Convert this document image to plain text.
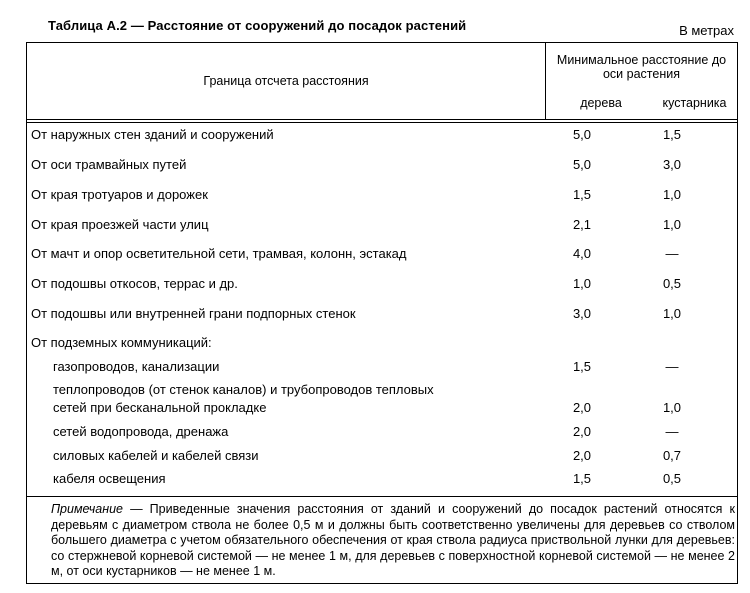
Таблица А.2 — Расстояние от сооружений до посадок растений	В метрах
Граница отсчета расстояния
Минимальное расстояние до оси растения
дерева	кустарника
От наружных стен зданий и сооружений	5,0	1,5
От оси трамвайных путей	5,0	3,0
От края тротуаров и дорожек	1,5	1,0
От края проезжей части улиц	2,1	1,0
От мачт и опор осветительной сети, трамвая, колонн, эстакад	4,0	—
От подошвы откосов, террас и др.	1,0	0,5
От подошвы или внутренней грани подпорных стенок	3,0	1,0
От подземных коммуникаций:
газопроводов, канализации	1,5	—
теплопроводов (от стенок каналов) и трубопроводов тепловых
сетей при бесканальной прокладке	2,0	1,0
сетей водопровода, дренажа	2,0	—
силовых кабелей и кабелей связи	2,0	0,7
кабеля освещения	1,5	0,5
Примечание — Приведенные значения расстояния от зданий и сооружений до посадок растений относятся к деревьям с диаметром ствола не более 0,5 м и должны быть соответственно увеличены для деревьев со стволом большего диаметра с учетом обязательного обеспечения от края ствола радиуса приствольной лунки для деревьев: со стержневой корневой системой — не менее 1 м, для деревьев с поверхностной корневой системой — не менее 2 м, от оси кустарников — не менее 1 м.
